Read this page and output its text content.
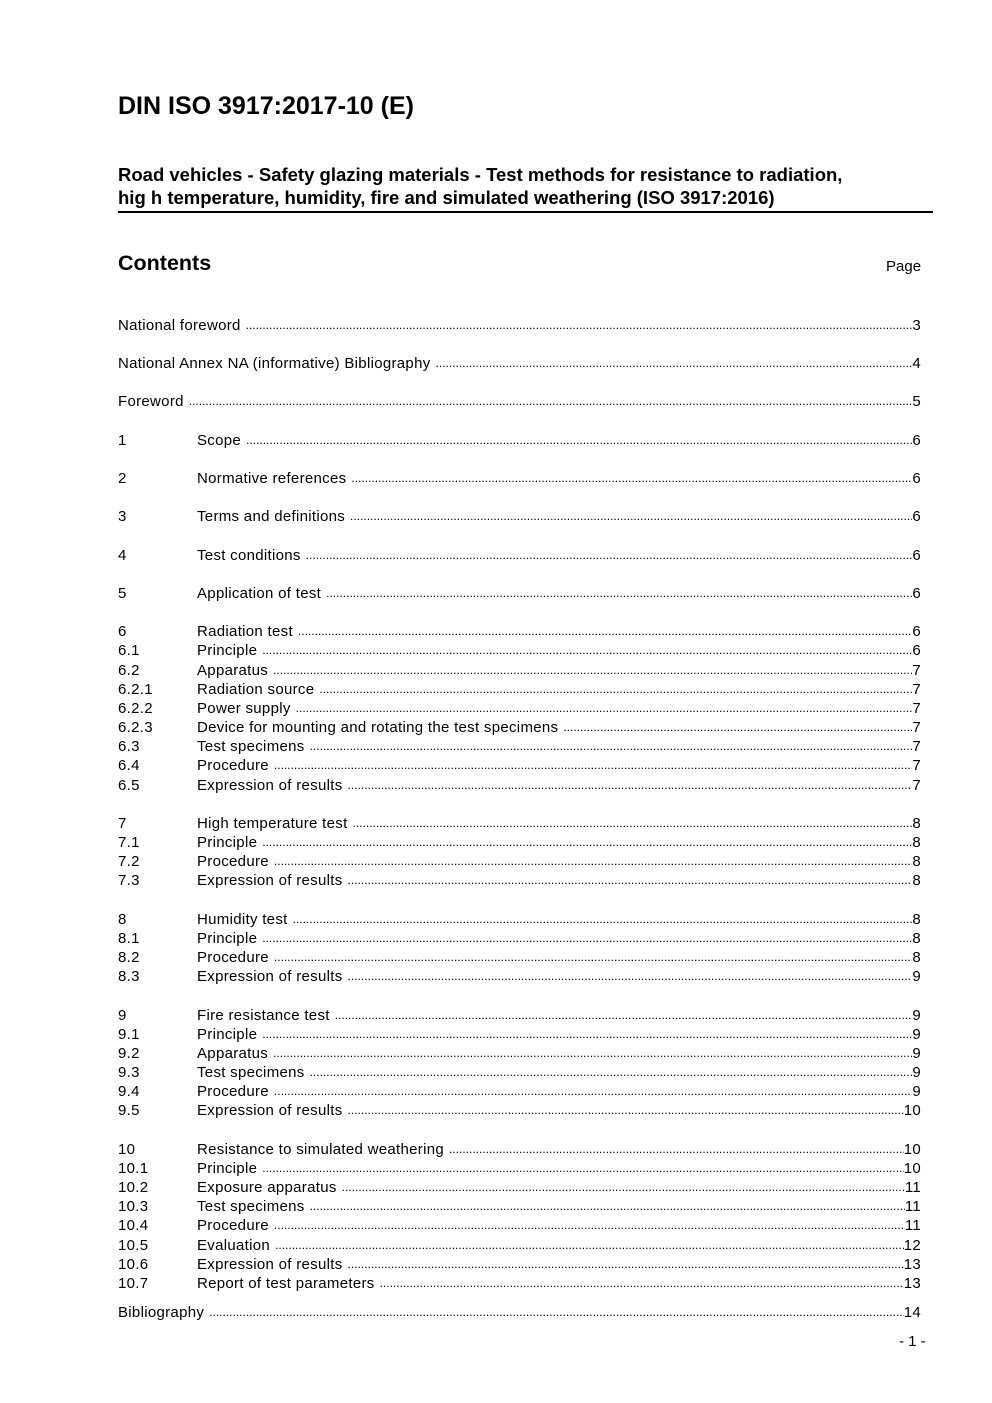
DIN ISO 3917:2017-10 (E)
Road vehicles - Safety glazing materials - Test methods for resistance to radiation,
hig h temperature, humidity, fire and simulated weathering (ISO 3917:2016)
Contents	Page
National foreword .....	3
National Annex NA (informative) Bibliography .....	4
Foreword .....	5
1	Scope .....	6
2	Normative references .....	6
3	Terms and definitions .....	6
4	Test conditions .....	6
5	Application of test .....	6
6	Radiation test .....	6
6.1	Principle .....	6
6.2	Apparatus .....	7
6.2.1	Radiation source .....	7
6.2.2	Power supply .....	7
6.2.3	Device for mounting and rotating the test specimens .....	7
6.3	Test specimens .....	7
6.4	Procedure .....	7
6.5	Expression of results .....	7
7	High temperature test .....	8
7.1	Principle .....	8
7.2	Procedure .....	8
7.3	Expression of results .....	8
8	Humidity test .....	8
8.1	Principle .....	8
8.2	Procedure .....	8
8.3	Expression of results .....	9
9	Fire resistance test .....	9
9.1	Principle .....	9
9.2	Apparatus .....	9
9.3	Test specimens .....	9
9.4	Procedure .....	9
9.5	Expression of results .....	10
10	Resistance to simulated weathering .....	10
10.1	Principle .....	10
10.2	Exposure apparatus .....	11
10.3	Test specimens .....	11
10.4	Procedure .....	11
10.5	Evaluation .....	12
10.6	Expression of results .....	13
10.7	Report of test parameters .....	13
Bibliography .....	14
- 1 -
